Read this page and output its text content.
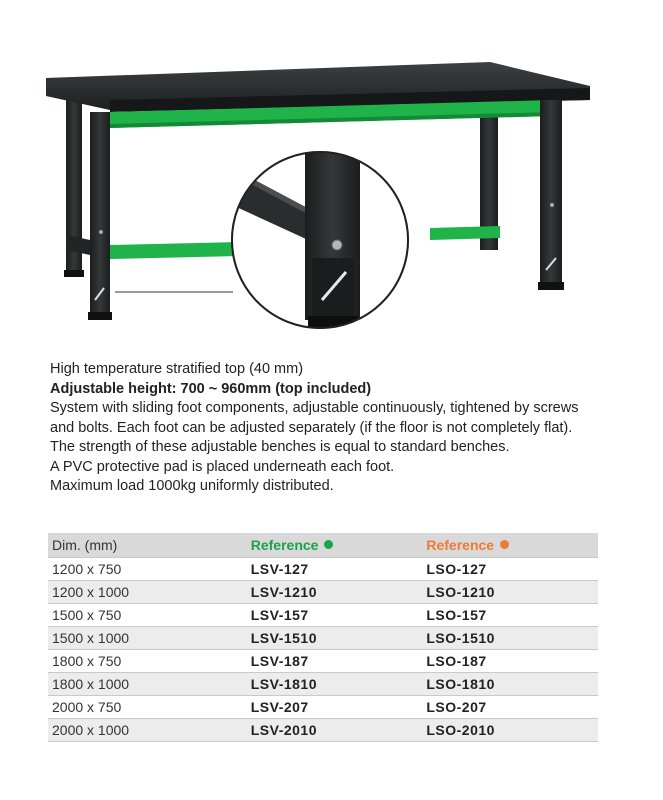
High temperature stratified top (40 mm)

Adjustable height: 700 ~ 960mm (top included)

System with sliding foot components, adjustable continuously, tightened by screws

and bolts. Each foot can be adjusted separately (if the floor is not completely flat).

The strength of these adjustable benches is equal to standard benches.

A PVC protective pad is placed underneath each foot.

Maximum load 1000kg uniformly distributed.

Dim. (mm)	Reference	Reference
1200 x 750	LSV-127	LSO-127
1200 x 1000	LSV-1210	LSO-1210
1500 x 750	LSV-157	LSO-157
1500 x 1000	LSV-1510	LSO-1510
1800 x 750	LSV-187	LSO-187
1800 x 1000	LSV-1810	LSO-1810
2000 x 750	LSV-207	LSO-207
2000 x 1000	LSV-2010	LSO-2010
